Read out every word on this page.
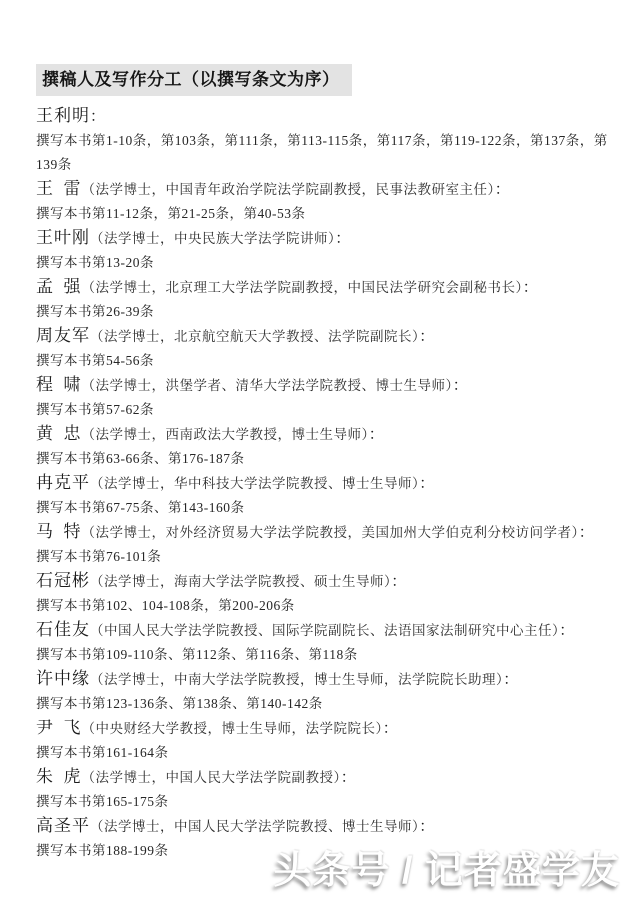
撰稿人及写作分工（以撰写条文为序）
王利明：
撰写本书第1-10条，第103条，第111条，第113-115条，第117条，第119-122条，第137条，第139条
王 雷（法学博士，中国青年政治学院法学院副教授，民事法教研室主任）：
撰写本书第11-12条，第21-25条，第40-53条
王叶刚（法学博士，中央民族大学法学院讲师）：
撰写本书第13-20条
孟 强（法学博士，北京理工大学法学院副教授，中国民法学研究会副秘书长）：
撰写本书第26-39条
周友军（法学博士，北京航空航天大学教授、法学院副院长）：
撰写本书第54-56条
程 啸（法学博士，洪堡学者、清华大学法学院教授、博士生导师）：
撰写本书第57-62条
黄 忠（法学博士，西南政法大学教授，博士生导师）：
撰写本书第63-66条、第176-187条
冉克平（法学博士，华中科技大学法学院教授、博士生导师）：
撰写本书第67-75条、第143-160条
马 特（法学博士，对外经济贸易大学法学院教授，美国加州大学伯克利分校访问学者）：
撰写本书第76-101条
石冠彬（法学博士，海南大学法学院教授、硕士生导师）：
撰写本书第102、104-108条，第200-206条
石佳友（中国人民大学法学院教授、国际学院副院长、法语国家法制研究中心主任）：
撰写本书第109-110条、第112条、第116条、第118条
许中缘（法学博士，中南大学法学院教授，博士生导师，法学院院长助理）：
撰写本书第123-136条、第138条、第140-142条
尹 飞（中央财经大学教授，博士生导师，法学院院长）：
撰写本书第161-164条
朱 虎（法学博士，中国人民大学法学院副教授）：
撰写本书第165-175条
高圣平（法学博士，中国人民大学法学院教授、博士生导师）：
撰写本书第188-199条	头条号 / 记者盛学友
